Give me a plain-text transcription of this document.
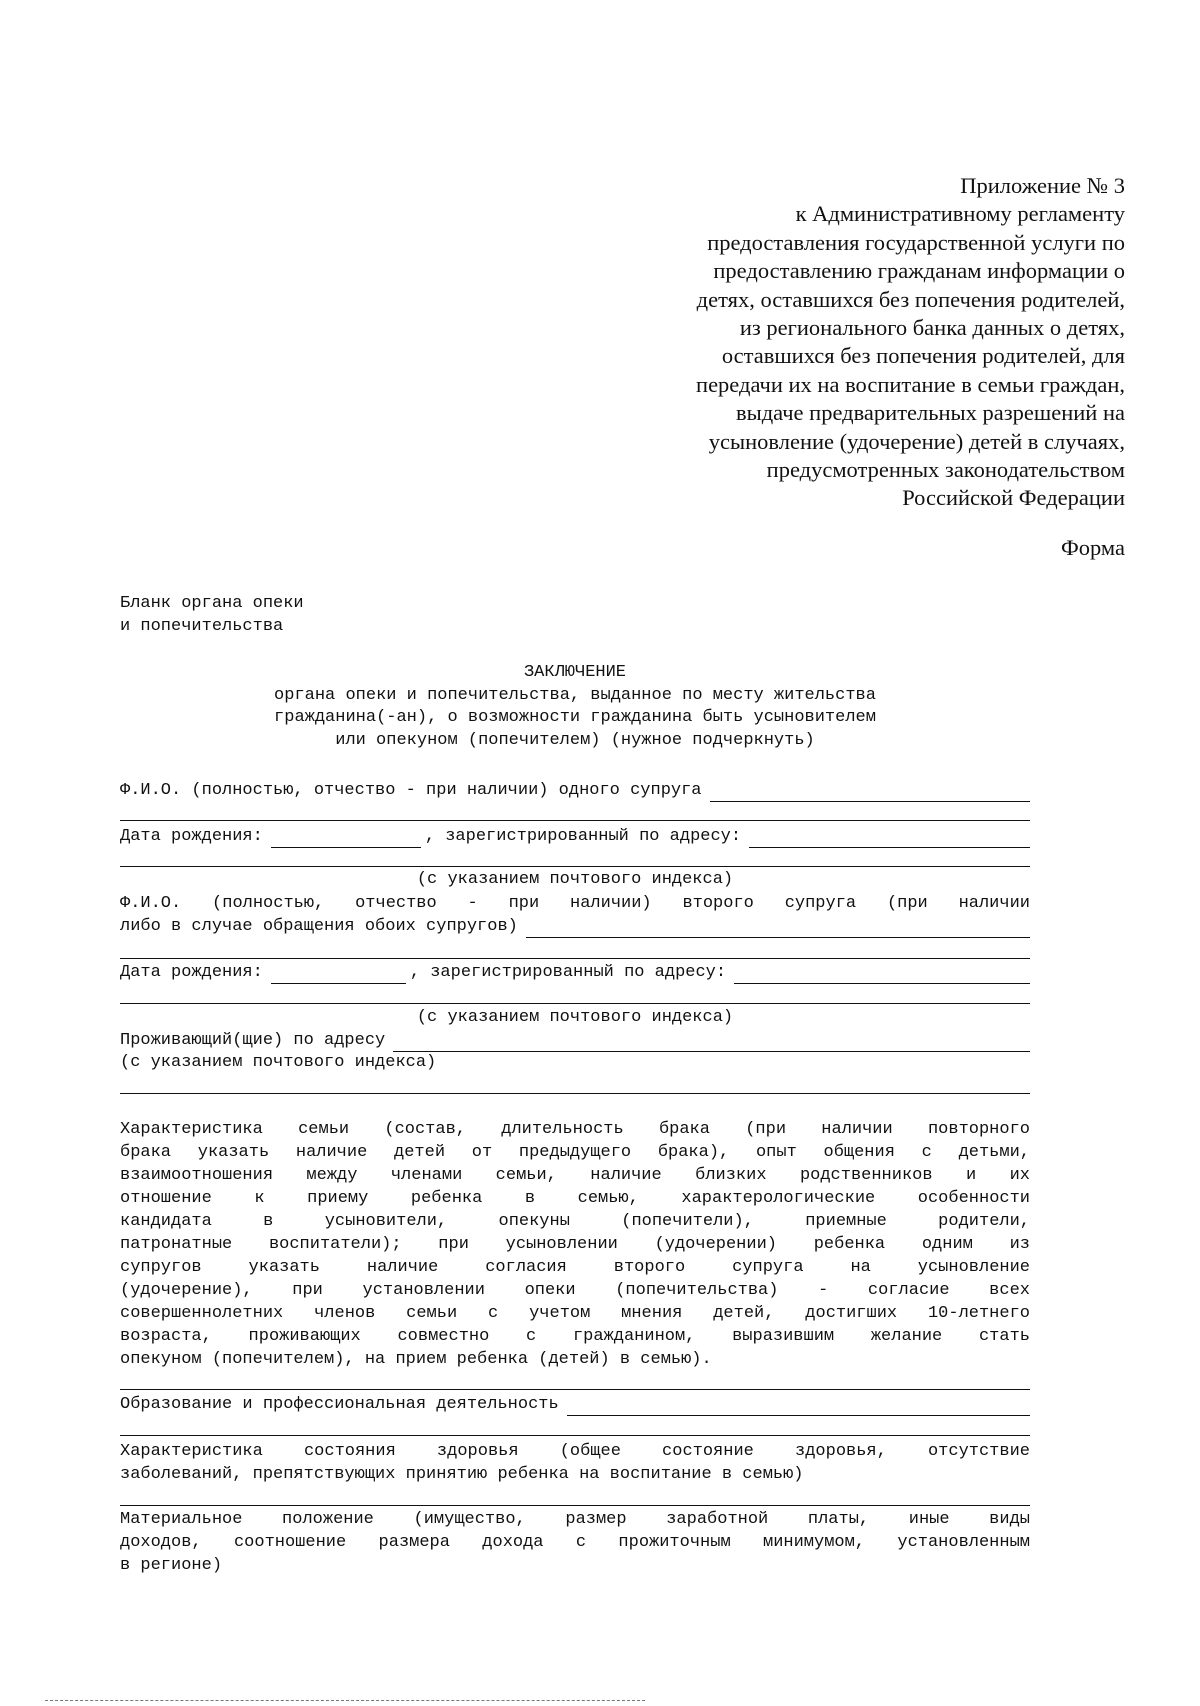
Приложение № 3
к Административному регламенту
предоставления государственной услуги по
предоставлению гражданам информации о
детях, оставшихся без попечения родителей,
из регионального банка данных о детях,
оставшихся без попечения родителей, для
передачи их на воспитание в семьи граждан,
выдаче предварительных разрешений на
усыновление (удочерение) детей в случаях,
предусмотренных законодательством
Российской Федерации
Форма
Бланк органа опеки
и попечительства
ЗАКЛЮЧЕНИЕ
органа опеки и попечительства, выданное по месту жительства
гражданина(-ан), о возможности гражданина быть усыновителем
или опекуном (попечителем) (нужное подчеркнуть)
Ф.И.О. (полностью, отчество - при наличии) одного супруга
Дата рождения:	, зарегистрированный по адресу:
(с указанием почтового индекса)
Ф.И.О. (полностью, отчество - при наличии) второго супруга (при наличии
либо в случае обращения обоих супругов)
Дата рождения:	, зарегистрированный по адресу:
(с указанием почтового индекса)
Проживающий(щие) по адресу
(с указанием почтового индекса)
Характеристика семьи (состав, длительность брака (при наличии повторного
брака указать наличие детей от предыдущего брака), опыт общения с детьми,
взаимоотношения между членами семьи, наличие близких родственников и их
отношение к приему ребенка в семью, характерологические особенности
кандидата в усыновители, опекуны (попечители), приемные родители,
патронатные воспитатели); при усыновлении (удочерении) ребенка одним из
супругов указать наличие согласия второго супруга на усыновление
(удочерение), при установлении опеки (попечительства) - согласие всех
совершеннолетних членов семьи с учетом мнения детей, достигших 10-летнего
возраста, проживающих совместно с гражданином, выразившим желание стать
опекуном (попечителем), на прием ребенка (детей) в семью).
Образование и профессиональная деятельность
Характеристика состояния здоровья (общее состояние здоровья, отсутствие
заболеваний, препятствующих принятию ребенка на воспитание в семью)
Материальное положение (имущество, размер заработной платы, иные виды
доходов, соотношение размера дохода с прожиточным минимумом, установленным
в регионе)
